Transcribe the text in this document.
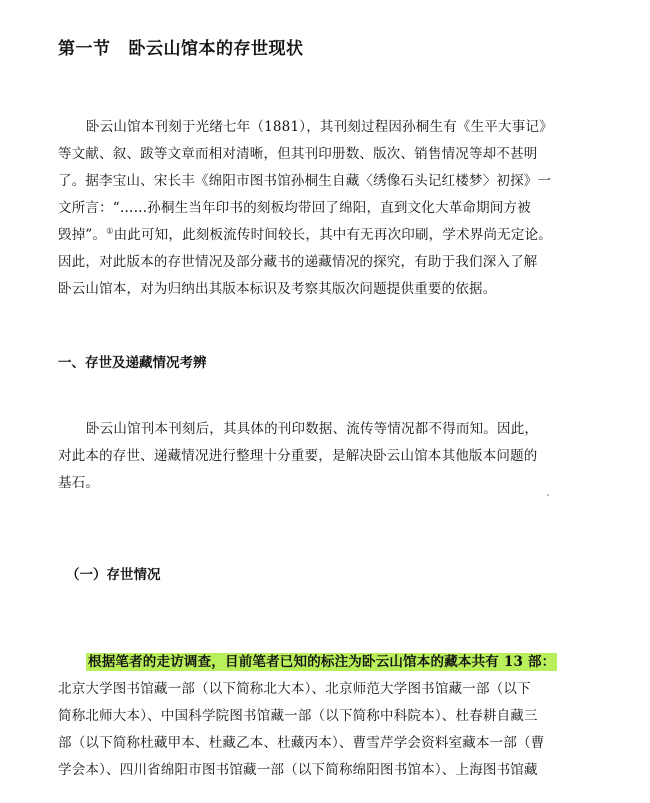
第一节 卧云山馆本的存世现状

卧云山馆本刊刻于光绪七年（1881），其刊刻过程因孙桐生有《生平大事记》
等文献、叙、跋等文章而相对清晰，但其刊印册数、版次、销售情况等却不甚明
了。据李宝山、宋长丰《绵阳市图书馆孙桐生自藏〈绣像石头记红楼梦〉初探》一
文所言：“……孙桐生当年印书的刻板均带回了绵阳，直到文化大革命期间方被
毁掉”。①由此可知，此刻板流传时间较长，其中有无再次印刷，学术界尚无定论。
因此，对此版本的存世情况及部分藏书的递藏情况的探究，有助于我们深入了解
卧云山馆本，对为归纳出其版本标识及考察其版次问题提供重要的依据。

一、存世及递藏情况考辨

卧云山馆刊本刊刻后，其具体的刊印数据、流传等情况都不得而知。因此，
对此本的存世、递藏情况进行整理十分重要，是解决卧云山馆本其他版本问题的
基石。

（一）存世情况

根据笔者的走访调查，目前笔者已知的标注为卧云山馆本的藏本共有 13 部：
北京大学图书馆藏一部（以下简称北大本）、北京师范大学图书馆藏一部（以下
简称北师大本）、中国科学院图书馆藏一部（以下简称中科院本）、杜春耕自藏三
部（以下简称杜藏甲本、杜藏乙本、杜藏丙本）、曹雪芹学会资料室藏本一部（曹
学会本）、四川省绵阳市图书馆藏一部（以下简称绵阳图书馆本）、上海图书馆藏
